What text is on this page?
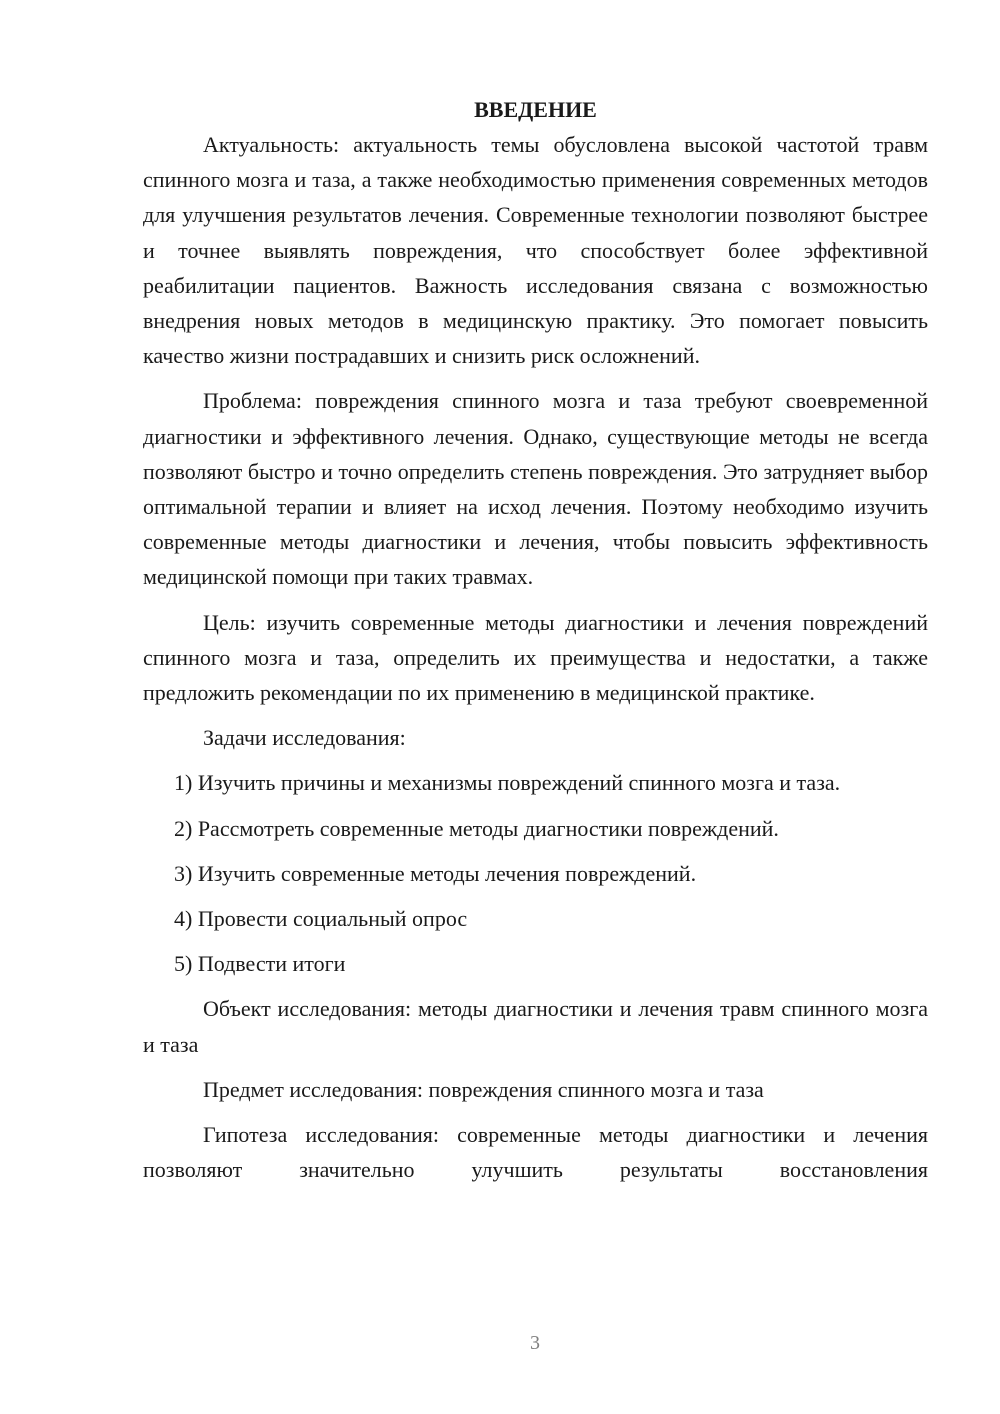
ВВЕДЕНИЕ

Актуальность: актуальность темы обусловлена высокой частотой травм спинного мозга и таза, а также необходимостью применения современных методов для улучшения результатов лечения. Современные технологии позволяют быстрее и точнее выявлять повреждения, что способствует более эффективной реабилитации пациентов. Важность исследования связана с возможностью внедрения новых методов в медицинскую практику. Это помогает повысить качество жизни пострадавших и снизить риск осложнений.

Проблема: повреждения спинного мозга и таза требуют своевременной диагностики и эффективного лечения. Однако, существующие методы не всегда позволяют быстро и точно определить степень повреждения. Это затрудняет выбор оптимальной терапии и влияет на исход лечения. Поэтому необходимо изучить современные методы диагностики и лечения, чтобы повысить эффективность медицинской помощи при таких травмах.

Цель: изучить современные методы диагностики и лечения повреждений спинного мозга и таза, определить их преимущества и недостатки, а также предложить рекомендации по их применению в медицинской практике.

Задачи исследования:

1) Изучить причины и механизмы повреждений спинного мозга и таза.
2) Рассмотреть современные методы диагностики повреждений.
3) Изучить современные методы лечения повреждений.
4) Провести социальный опрос
5) Подвести итоги

Объект исследования: методы диагностики и лечения травм спинного мозга и таза

Предмет исследования: повреждения спинного мозга и таза

Гипотеза исследования: современные методы диагностики и лечения позволяют значительно улучшить результаты восстановления

3
